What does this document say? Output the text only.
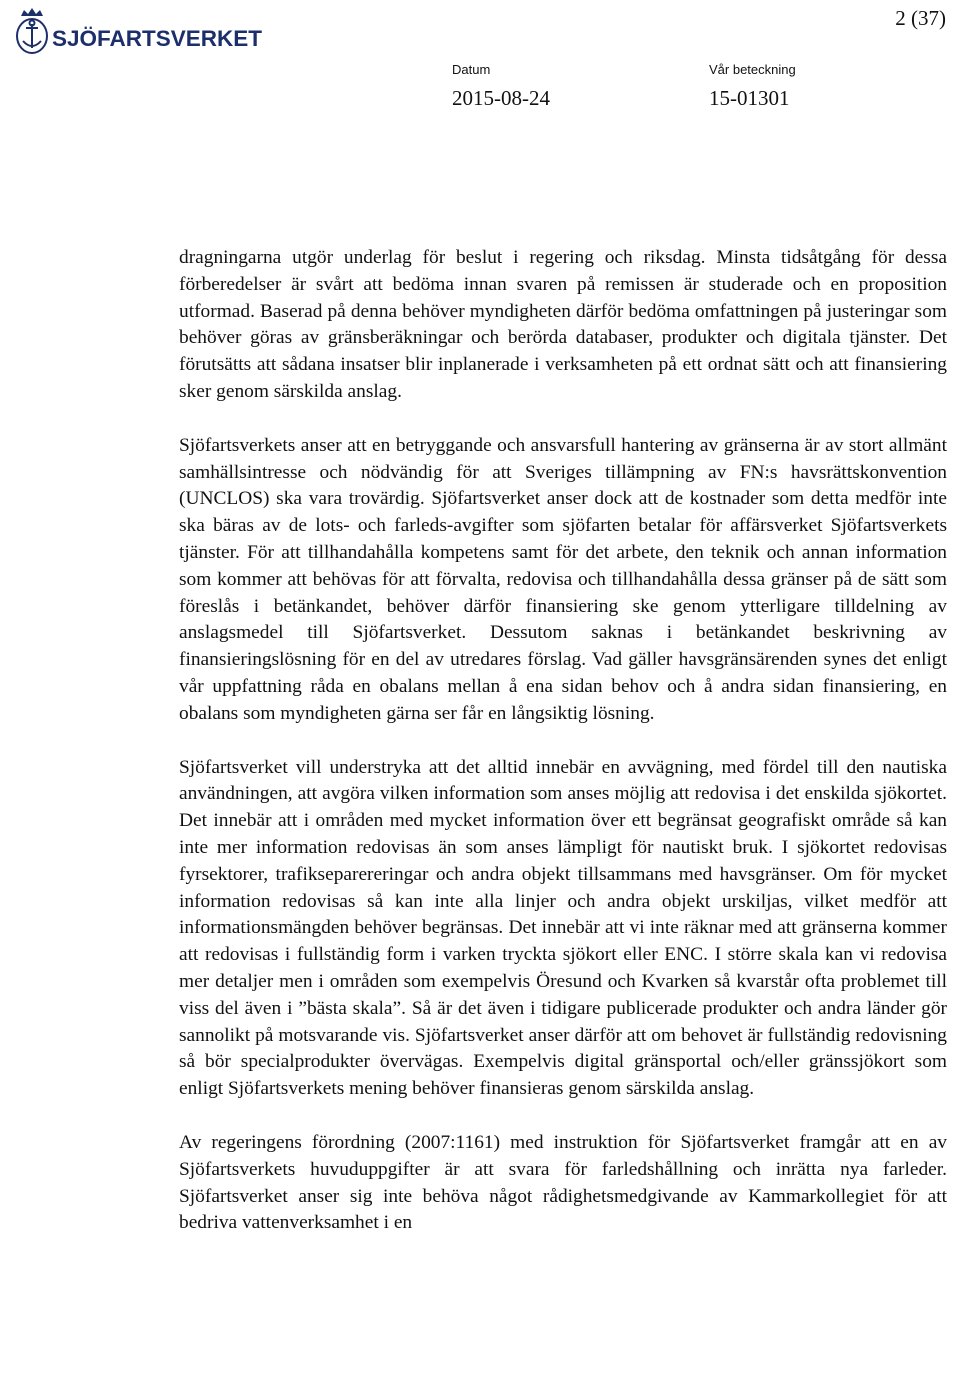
SJÖFARTSVERKET
2 (37)
Datum	Vår beteckning
2015-08-24	15-01301

dragningarna utgör underlag för beslut i regering och riksdag. Minsta tidsåtgång för dessa förberedelser är svårt att bedöma innan svaren på remissen är studerade och en proposition utformad. Baserad på denna behöver myndigheten därför bedöma omfattningen på justeringar som behöver göras av gränsberäkningar och berörda databaser, produkter och digitala tjänster. Det förutsätts att sådana insatser blir inplanerade i verksamheten på ett ordnat sätt och att finansiering sker genom särskilda anslag.

Sjöfartsverkets anser att en betryggande och ansvarsfull hantering av gränserna är av stort allmänt samhällsintresse och nödvändig för att Sveriges tillämpning av FN:s havsrättskonvention (UNCLOS) ska vara trovärdig. Sjöfartsverket anser dock att de kostnader som detta medför inte ska bäras av de lots- och farleds-avgifter som sjöfarten betalar för affärsverket Sjöfartsverkets tjänster. För att tillhandahålla kompetens samt för det arbete, den teknik och annan information som kommer att behövas för att förvalta, redovisa och tillhandahålla dessa gränser på de sätt som föreslås i betänkandet, behöver därför finansiering ske genom ytterligare tilldelning av anslagsmedel till Sjöfartsverket. Dessutom saknas i betänkandet beskrivning av finansieringslösning för en del av utredares förslag. Vad gäller havsgränsärenden synes det enligt vår uppfattning råda en obalans mellan å ena sidan behov och å andra sidan finansiering, en obalans som myndigheten gärna ser får en långsiktig lösning.

Sjöfartsverket vill understryka att det alltid innebär en avvägning, med fördel till den nautiska användningen, att avgöra vilken information som anses möjlig att redovisa i det enskilda sjökortet. Det innebär att i områden med mycket information över ett begränsat geografiskt område så kan inte mer information redovisas än som anses lämpligt för nautiskt bruk. I sjökortet redovisas fyrsektorer, trafikseparereringar och andra objekt tillsammans med havsgränser. Om för mycket information redovisas så kan inte alla linjer och andra objekt urskiljas, vilket medför att informationsmängden behöver begränsas. Det innebär att vi inte räknar med att gränserna kommer att redovisas i fullständig form i varken tryckta sjökort eller ENC. I större skala kan vi redovisa mer detaljer men i områden som exempelvis Öresund och Kvarken så kvarstår ofta problemet till viss del även i ”bästa skala”. Så är det även i tidigare publicerade produkter och andra länder gör sannolikt på motsvarande vis. Sjöfartsverket anser därför att om behovet är fullständig redovisning så bör specialprodukter övervägas. Exempelvis digital gränsportal och/eller gränssjökort som enligt Sjöfartsverkets mening behöver finansieras genom särskilda anslag.

Av regeringens förordning (2007:1161) med instruktion för Sjöfartsverket framgår att en av Sjöfartsverkets huvuduppgifter är att svara för farledshållning och inrätta nya farleder. Sjöfartsverket anser sig inte behöva något rådighetsmedgivande av Kammarkollegiet för att bedriva vattenverksamhet i en
